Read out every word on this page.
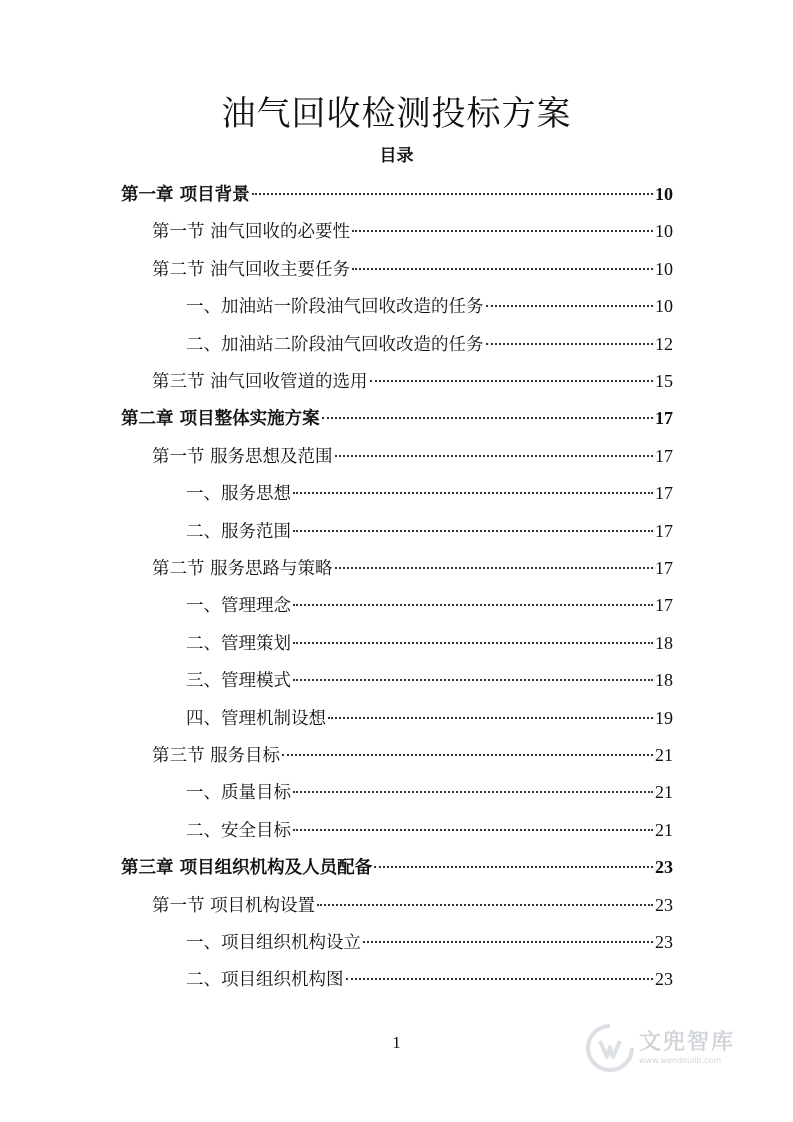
油气回收检测投标方案
目录
第一章 项目背景	10
第一节 油气回收的必要性	10
第二节 油气回收主要任务	10
一、加油站一阶段油气回收改造的任务	10
二、加油站二阶段油气回收改造的任务	12
第三节 油气回收管道的选用	15
第二章 项目整体实施方案	17
第一节 服务思想及范围	17
一、服务思想	17
二、服务范围	17
第二节 服务思路与策略	17
一、管理理念	17
二、管理策划	18
三、管理模式	18
四、管理机制设想	19
第三节 服务目标	21
一、质量目标	21
二、安全目标	21
第三章 项目组织机构及人员配备	23
第一节 项目机构设置	23
一、项目组织机构设立	23
二、项目组织机构图	23
1	文兜智库
www.wendoulib.com
